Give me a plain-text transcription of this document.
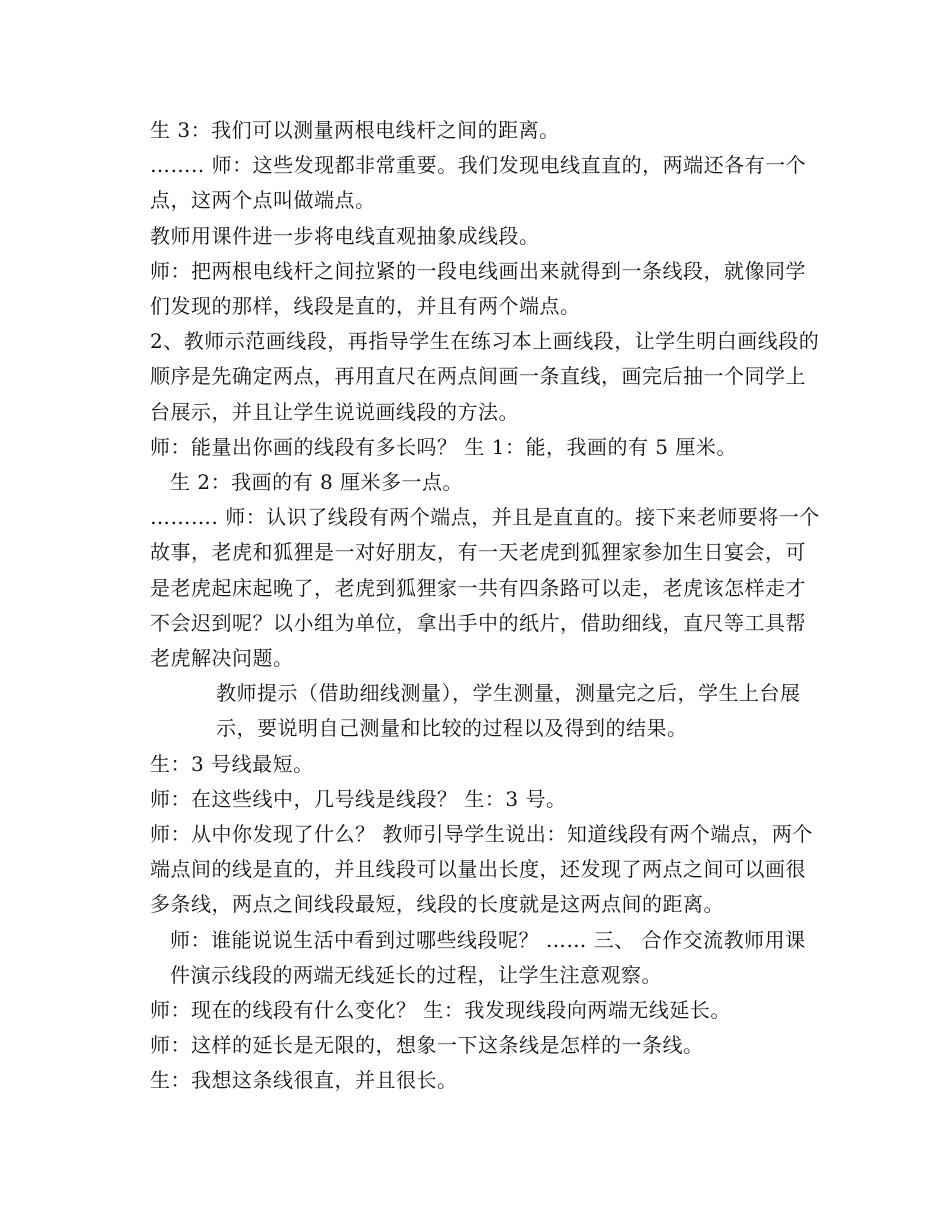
生 3：我们可以测量两根电线杆之间的距离。

…….. 师：这些发现都非常重要。我们发现电线直直的，两端还各有一个点，这两个点叫做端点。

教师用课件进一步将电线直观抽象成线段。

师：把两根电线杆之间拉紧的一段电线画出来就得到一条线段，就像同学们发现的那样，线段是直的，并且有两个端点。

2、教师示范画线段，再指导学生在练习本上画线段，让学生明白画线段的顺序是先确定两点，再用直尺在两点间画一条直线，画完后抽一个同学上台展示，并且让学生说说画线段的方法。

师：能量出你画的线段有多长吗？ 生 1：能，我画的有 5 厘米。

生 2：我画的有 8 厘米多一点。

………. 师：认识了线段有两个端点，并且是直直的。接下来老师要将一个故事，老虎和狐狸是一对好朋友，有一天老虎到狐狸家参加生日宴会，可是老虎起床起晚了，老虎到狐狸家一共有四条路可以走，老虎该怎样走才不会迟到呢？以小组为单位，拿出手中的纸片，借助细线，直尺等工具帮老虎解决问题。

教师提示（借助细线测量），学生测量，测量完之后，学生上台展示，要说明自己测量和比较的过程以及得到的结果。

生：3 号线最短。

师：在这些线中，几号线是线段？ 生：3 号。

师：从中你发现了什么？ 教师引导学生说出：知道线段有两个端点，两个端点间的线是直的，并且线段可以量出长度，还发现了两点之间可以画很多条线，两点之间线段最短，线段的长度就是这两点间的距离。

师：谁能说说生活中看到过哪些线段呢？ …… 三、 合作交流教师用课件演示线段的两端无线延长的过程，让学生注意观察。

师：现在的线段有什么变化？ 生：我发现线段向两端无线延长。

师：这样的延长是无限的，想象一下这条线是怎样的一条线。

生：我想这条线很直，并且很长。
